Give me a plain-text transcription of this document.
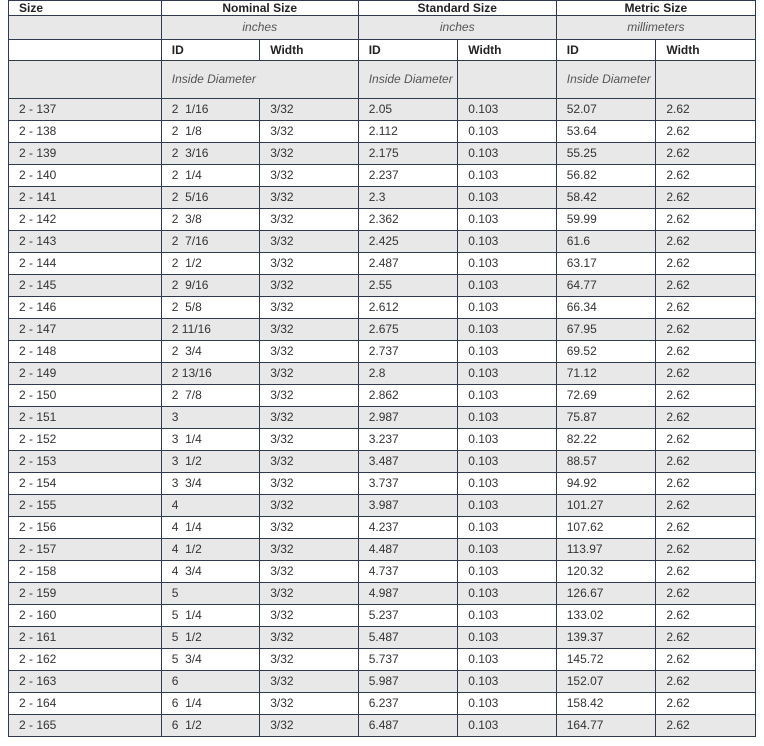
Size	Nominal Size		Standard Size		Metric Size	
	inches		inches		millimeters	
	ID	Width	ID	Width	ID	Width
	Inside Diameter		Inside Diameter		Inside Diameter	
2 - 137	2  1/16	3/32	2.05	0.103	52.07	2.62
2 - 138	2  1/8	3/32	2.112	0.103	53.64	2.62
2 - 139	2  3/16	3/32	2.175	0.103	55.25	2.62
2 - 140	2  1/4	3/32	2.237	0.103	56.82	2.62
2 - 141	2  5/16	3/32	2.3	0.103	58.42	2.62
2 - 142	2  3/8	3/32	2.362	0.103	59.99	2.62
2 - 143	2  7/16	3/32	2.425	0.103	61.6	2.62
2 - 144	2  1/2	3/32	2.487	0.103	63.17	2.62
2 - 145	2  9/16	3/32	2.55	0.103	64.77	2.62
2 - 146	2  5/8	3/32	2.612	0.103	66.34	2.62
2 - 147	2 11/16	3/32	2.675	0.103	67.95	2.62
2 - 148	2  3/4	3/32	2.737	0.103	69.52	2.62
2 - 149	2 13/16	3/32	2.8	0.103	71.12	2.62
2 - 150	2  7/8	3/32	2.862	0.103	72.69	2.62
2 - 151	3	3/32	2.987	0.103	75.87	2.62
2 - 152	3  1/4	3/32	3.237	0.103	82.22	2.62
2 - 153	3  1/2	3/32	3.487	0.103	88.57	2.62
2 - 154	3  3/4	3/32	3.737	0.103	94.92	2.62
2 - 155	4	3/32	3.987	0.103	101.27	2.62
2 - 156	4  1/4	3/32	4.237	0.103	107.62	2.62
2 - 157	4  1/2	3/32	4.487	0.103	113.97	2.62
2 - 158	4  3/4	3/32	4.737	0.103	120.32	2.62
2 - 159	5	3/32	4.987	0.103	126.67	2.62
2 - 160	5  1/4	3/32	5.237	0.103	133.02	2.62
2 - 161	5  1/2	3/32	5.487	0.103	139.37	2.62
2 - 162	5  3/4	3/32	5.737	0.103	145.72	2.62
2 - 163	6	3/32	5.987	0.103	152.07	2.62
2 - 164	6  1/4	3/32	6.237	0.103	158.42	2.62
2 - 165	6  1/2	3/32	6.487	0.103	164.77	2.62
